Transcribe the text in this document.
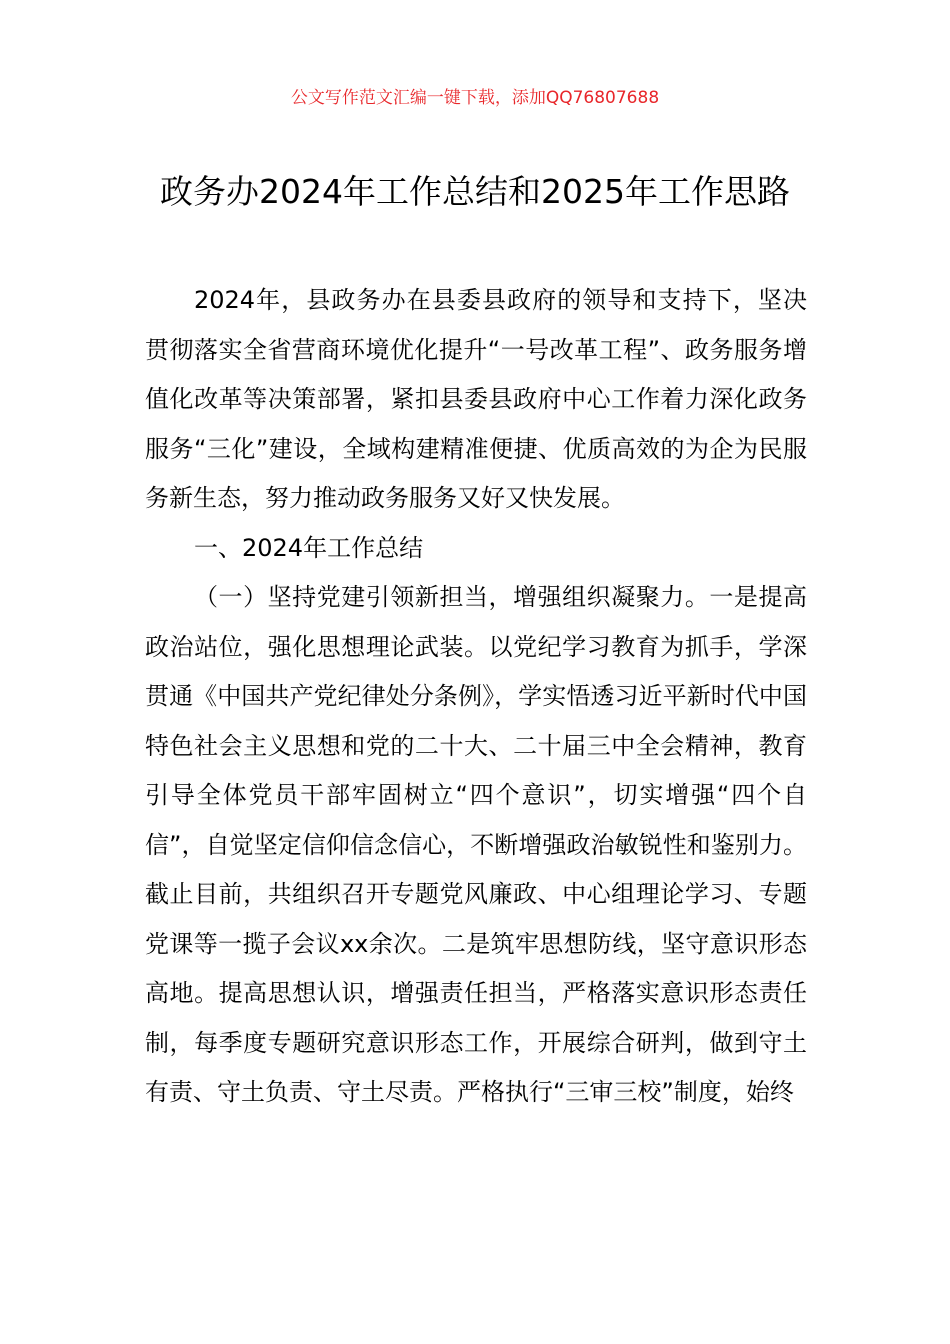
公文写作范文汇编一键下载，添加QQ76807688
政务办2024年工作总结和2025年工作思路

2024年，县政务办在县委县政府的领导和支持下，坚决贯彻落实全省营商环境优化提升“一号改革工程”、政务服务增值化改革等决策部署，紧扣县委县政府中心工作着力深化政务服务“三化”建设，全域构建精准便捷、优质高效的为企为民服务新生态，努力推动政务服务又好又快发展。

一、2024年工作总结

（一）坚持党建引领新担当，增强组织凝聚力。一是提高政治站位，强化思想理论武装。以党纪学习教育为抓手，学深贯通《中国共产党纪律处分条例》，学实悟透习近平新时代中国特色社会主义思想和党的二十大、二十届三中全会精神，教育引导全体党员干部牢固树立“四个意识”，切实增强“四个自信”，自觉坚定信仰信念信心，不断增强政治敏锐性和鉴别力。截止目前，共组织召开专题党风廉政、中心组理论学习、专题党课等一揽子会议xx余次。二是筑牢思想防线，坚守意识形态高地。提高思想认识，增强责任担当，严格落实意识形态责任制，每季度专题研究意识形态工作，开展综合研判，做到守土有责、守土负责、守土尽责。严格执行“三审三校”制度，始终
